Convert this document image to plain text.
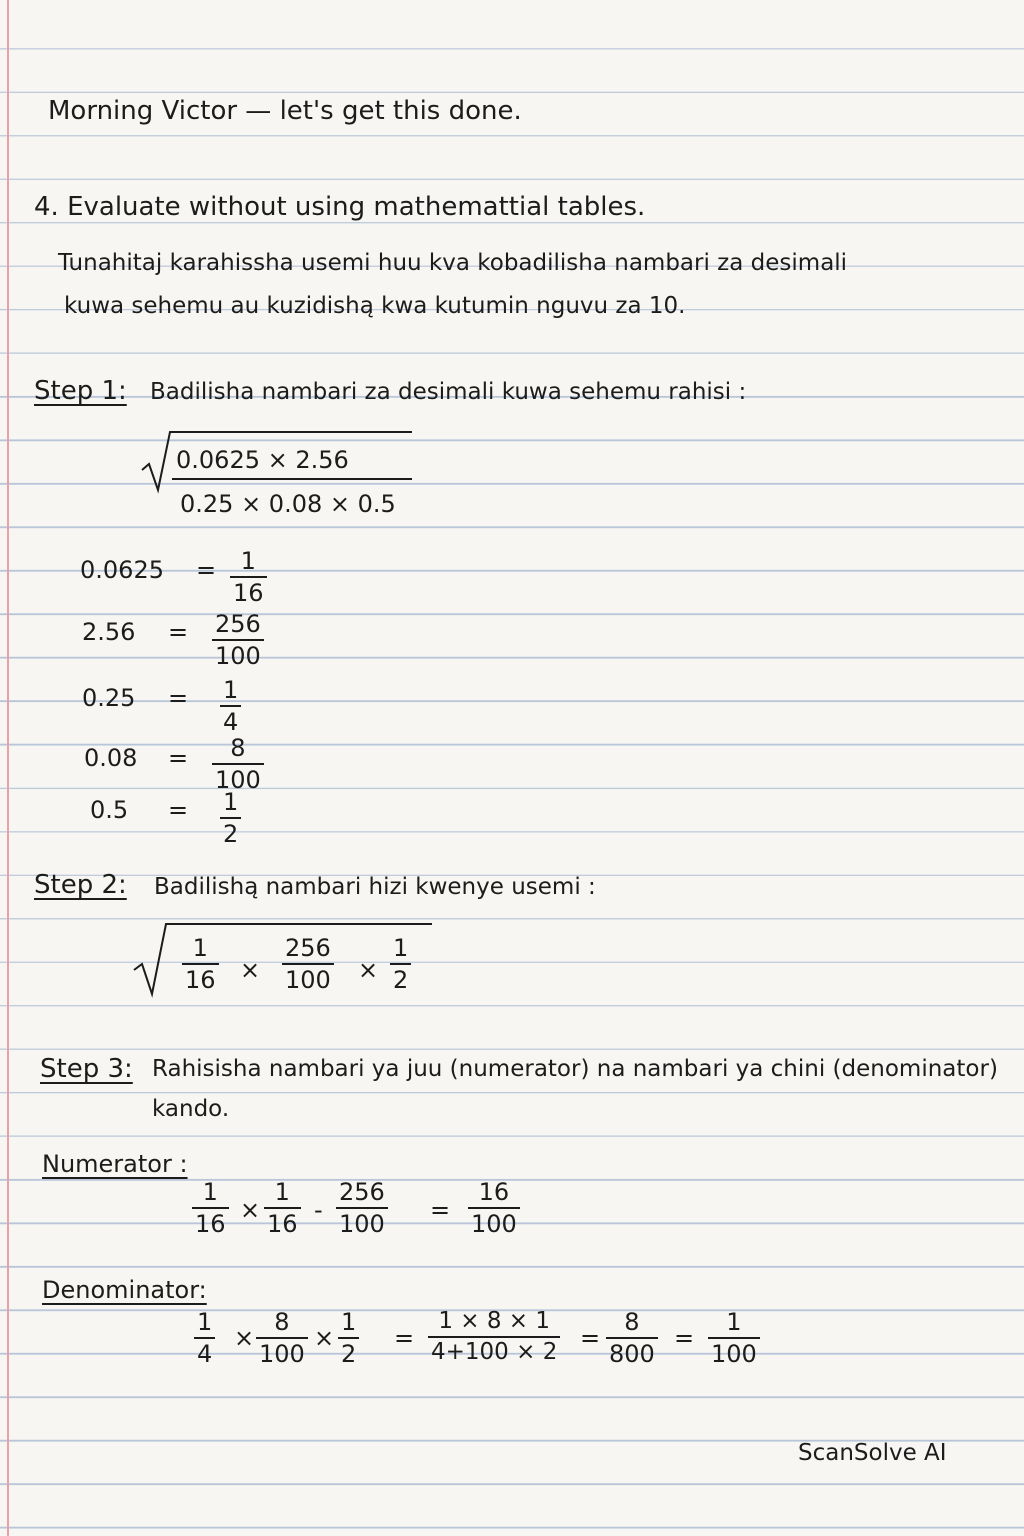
Morning Victor — let's get this done.
4. Evaluate without using mathemattial tables.
Tunahitaj karahissha usemi huu kva kobadilisha nambari za desimali
kuwa sehemu au kuzidishą kwa kutumin nguvu za 10.
Step 1: Badilisha nambari za desimali kuwa sehemu rahisi :
0.0625 × 2.56
0.25 × 0.08 × 0.5
0.0625 = 1
16
2.56 = 256
100
0.25 = 1
4
0.08 = 8
100
0.5 = 1
2
Step 2: Badilishą nambari hizi kwenye usemi :
1
16 ×
256
100 ×
1
2
Step 3: Rahisisha nambari ya juu (numerator) na nambari ya chini (denominator)
kando.
Numerator :
1
16 ×
1
16 -
256
100 =
16
100
Denominator:
1
4
×
8
100
×
1
2
=
1 × 8 × 1
4+100 × 2 =
8
800
=
1
100
ScanSolve AI
